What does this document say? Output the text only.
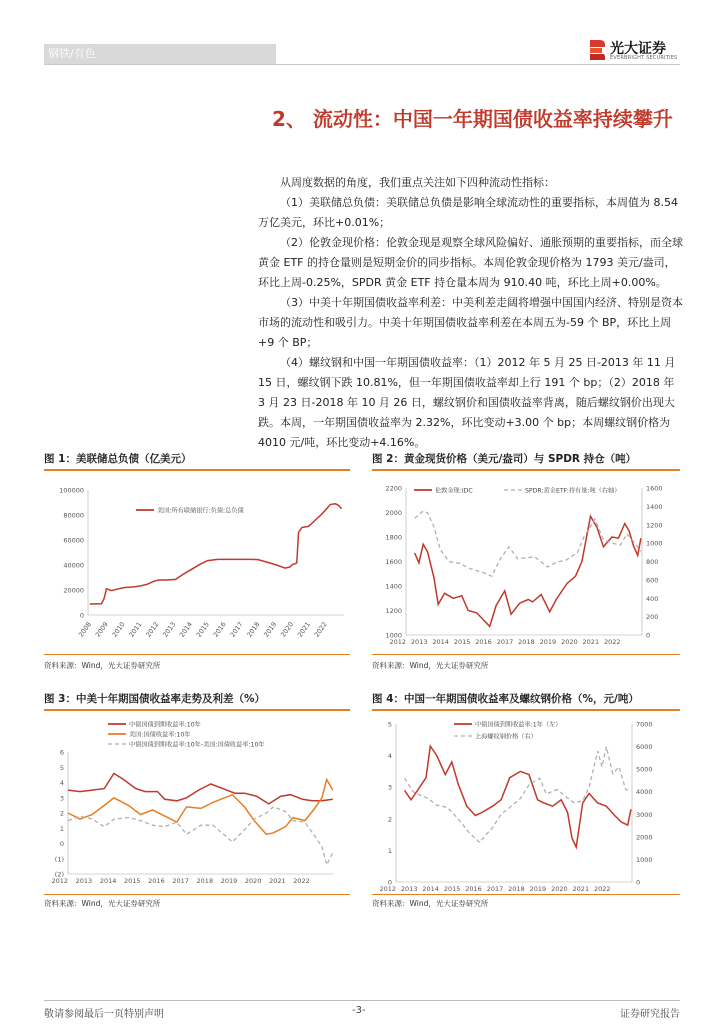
钢铁/有色	光大证券
EVERBRIGHT SECURITIES
2、 流动性：中国一年期国债收益率持续攀升

从周度数据的角度，我们重点关注如下四种流动性指标：

（1）美联储总负债：美联储总负债是影响全球流动性的重要指标，本周值为 8.54 万亿美元，环比+0.01%；

（2）伦敦金现价格：伦敦金现是观察全球风险偏好、通胀预期的重要指标，而全球黄金 ETF 的持仓量则是短期金价的同步指标。本周伦敦金现价格为 1793 美元/盎司，环比上周-0.25%，SPDR 黄金 ETF 持仓量本周为 910.40 吨，环比上周+0.00%。

（3）中美十年期国债收益率利差：中美利差走阔将增强中国国内经济、特别是资本市场的流动性和吸引力。中美十年期国债收益率利差在本周五为-59 个 BP，环比上周+9 个 BP；

（4）螺纹钢和中国一年期国债收益率：（1）2012 年 5 月 25 日-2013 年 11 月 15 日，螺纹钢下跌 10.81%，但一年期国债收益率却上行 191 个 bp；（2）2018 年 3 月 23 日-2018 年 10 月 26 日，螺纹钢价和国债收益率背离，随后螺纹钢价出现大跌。本周，一年期国债收益率为 2.32%，环比变动+3.00 个 bp；本周螺纹钢价格为 4010 元/吨，环比变动+4.16%。

图 1：美联储总负债（亿美元）
0
20000
40000
60000
80000
100000
2008 2009 2010 2011 2012 2013 2014 2015 2016 2017 2018 2019 2020 2021 2022
美国:所有联储银行:负债:总负债
资料来源：Wind，光大证券研究所
图 2：黄金现货价格（美元/盎司）与 SPDR 持仓（吨）
1000
1200
1400
1600
1800
2000
2200
0
200
400
600
800
1000
1200
1400
1600
2012 2013 2014 2015 2016 2017 2018 2019 2020 2021 2022
伦敦金现:IDC	SPDR:黄金ETF:持有量:吨（右轴）
资料来源：Wind，光大证券研究所
图 3：中美十年期国债收益率走势及利差（%）
(2)
(1)
0
1
2
3
4
5
6
2012 2013 2014 2015 2016 2017 2018 2019 2020 2021 2022
中债国债到期收益率:10年
美国:国债收益率:10年
中债国债到期收益率:10年-美国:国债收益率:10年
资料来源：Wind，光大证券研究所
图 4：中国一年期国债收益率及螺纹钢价格（%，元/吨）
0
1
2
3
4
5
0
1000
2000
3000
4000
5000
6000
7000
2012 2013 2014 2015 2016 2017 2018 2019 2020 2021 2022
中债国债到期收益率:1年（左）
上海螺纹钢价格（右）
资料来源：Wind，光大证券研究所
敬请参阅最后一页特别声明	-3-	证券研究报告
